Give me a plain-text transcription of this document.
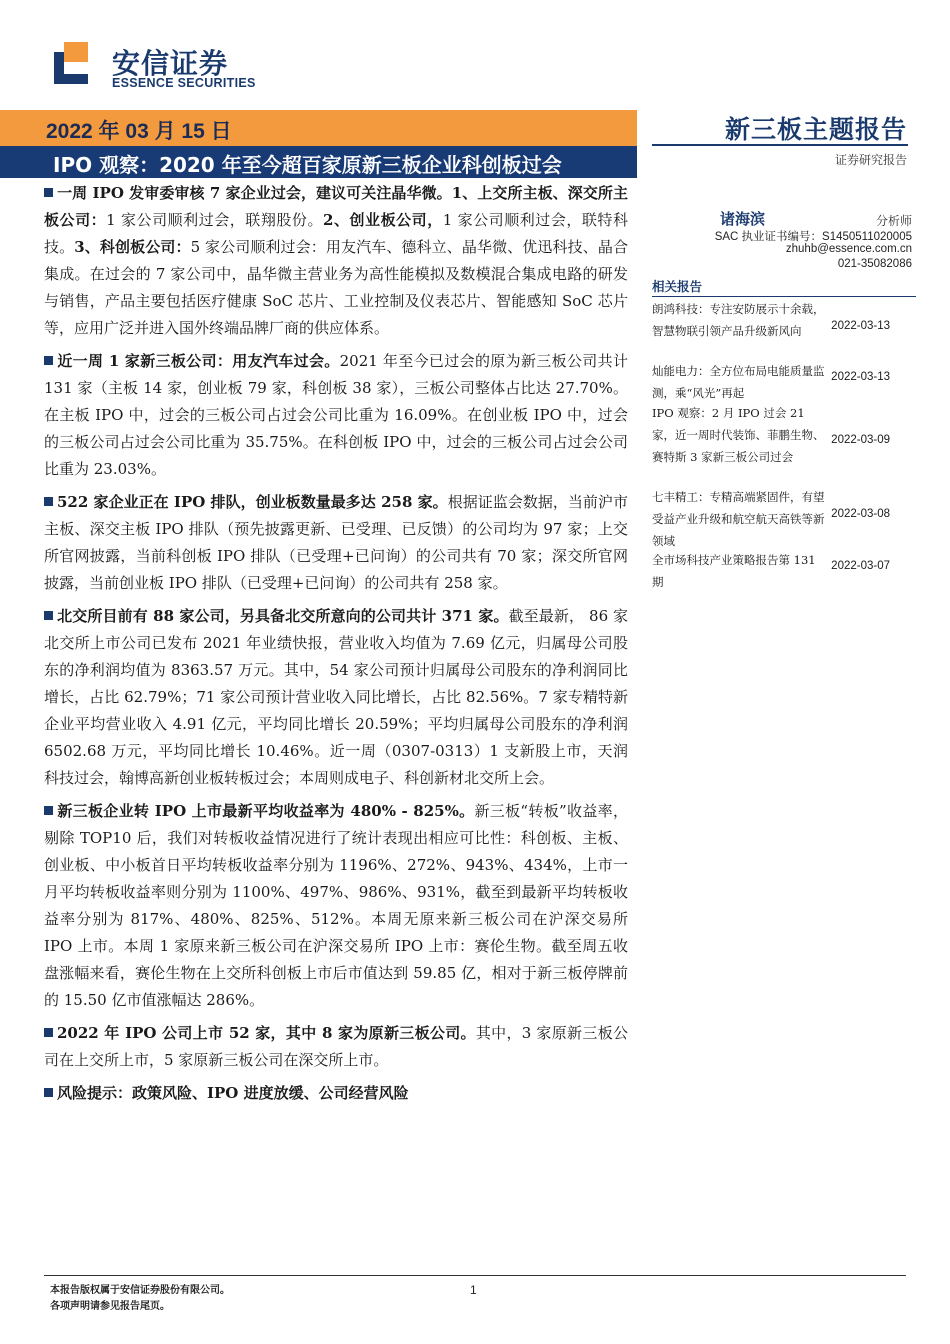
安信证券
ESSENCE SECURITIES
2022 年 03 月 15 日
IPO 观察：2020 年至今超百家原新三板企业科创板过会
新三板主题报告
证券研究报告
诸海滨	分析师
SAC 执业证书编号：S1450511020005
zhuhb@essence.com.cn
021-35082086
相关报告
朗鸿科技：专注安防展示十余载，智慧物联引领产品升级新风向	2022-03-13
灿能电力：全方位布局电能质量监测，乘“风光”再起
2022-03-13
IPO 观察：2 月 IPO 过会 21 家，近一周时代装饰、菲鹏生物、赛特斯 3 家新三板公司过会
2022-03-09
七丰精工：专精高端紧固件，有望受益产业升级和航空航天高铁等新领域
2022-03-08
全市场科技产业策略报告第 131 期
2022-03-07

一周 IPO 发审委审核 7 家企业过会，建议可关注晶华微。1、上交所主板、深交所主板公司：1 家公司顺利过会，联翔股份。2、创业板公司，1 家公司顺利过会，联特科技。3、科创板公司：5 家公司顺利过会：用友汽车、德科立、晶华微、优迅科技、晶合集成。在过会的 7 家公司中，晶华微主营业务为高性能模拟及数模混合集成电路的研发与销售，产品主要包括医疗健康 SoC 芯片、工业控制及仪表芯片、智能感知 SoC 芯片等，应用广泛并进入国外终端品牌厂商的供应体系。

近一周 1 家新三板公司：用友汽车过会。2021 年至今已过会的原为新三板公司共计 131 家（主板 14 家，创业板 79 家，科创板 38 家），三板公司整体占比达 27.70%。在主板 IPO 中，过会的三板公司占过会公司比重为 16.09%。在创业板 IPO 中，过会的三板公司占过会公司比重为 35.75%。在科创板 IPO 中，过会的三板公司占过会公司比重为 23.03%。

522 家企业正在 IPO 排队，创业板数量最多达 258 家。根据证监会数据，当前沪市主板、深交主板 IPO 排队（预先披露更新、已受理、已反馈）的公司均为 97 家；上交所官网披露，当前科创板 IPO 排队（已受理+已问询）的公司共有 70 家；深交所官网披露，当前创业板 IPO 排队（已受理+已问询）的公司共有 258 家。

北交所目前有 88 家公司，另具备北交所意向的公司共计 371 家。截至最新， 86 家北交所上市公司已发布 2021 年业绩快报，营业收入均值为 7.69 亿元，归属母公司股东的净利润均值为 8363.57 万元。其中，54 家公司预计归属母公司股东的净利润同比增长，占比 62.79%；71 家公司预计营业收入同比增长，占比 82.56%。7 家专精特新企业平均营业收入 4.91 亿元，平均同比增长 20.59%；平均归属母公司股东的净利润 6502.68 万元，平均同比增长 10.46%。近一周（0307-0313）1 支新股上市，天润科技过会，翰博高新创业板转板过会；本周则成电子、科创新材北交所上会。

新三板企业转 IPO 上市最新平均收益率为 480% - 825%。新三板“转板”收益率，剔除 TOP10 后，我们对转板收益情况进行了统计表现出相应可比性：科创板、主板、创业板、中小板首日平均转板收益率分别为 1196%、272%、943%、434%，上市一月平均转板收益率则分别为 1100%、497%、986%、931%，截至到最新平均转板收益率分别为 817%、480%、825%、512%。本周无原来新三板公司在沪深交易所 IPO 上市。本周 1 家原来新三板公司在沪深交易所 IPO 上市：赛伦生物。截至周五收盘涨幅来看，赛伦生物在上交所科创板上市后市值达到 59.85 亿，相对于新三板停牌前的 15.50 亿市值涨幅达 286%。

2022 年 IPO 公司上市 52 家，其中 8 家为原新三板公司。其中，3 家原新三板公司在上交所上市，5 家原新三板公司在深交所上市。

风险提示：政策风险、IPO 进度放缓、公司经营风险

本报告版权属于安信证券股份有限公司。
各项声明请参见报告尾页。
1
